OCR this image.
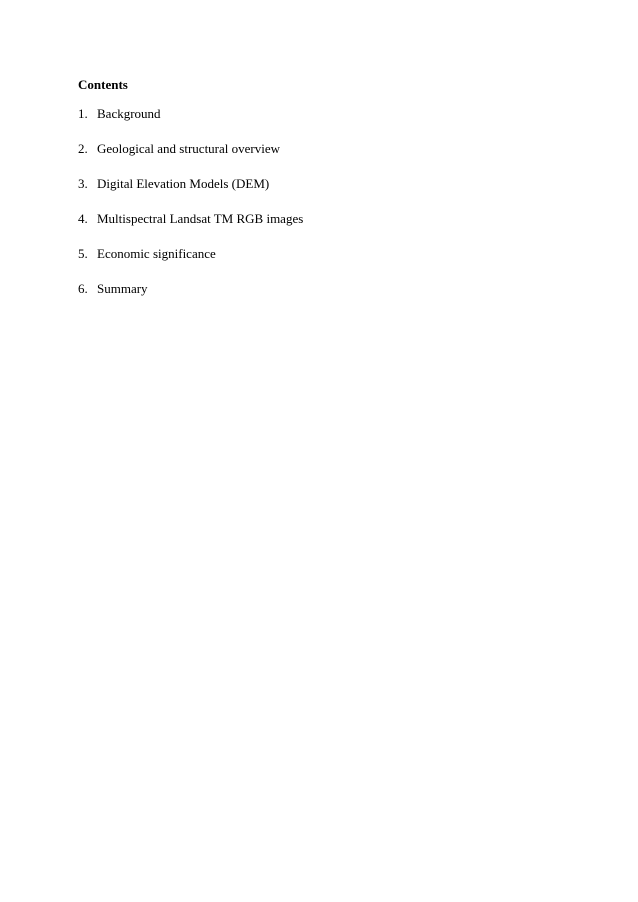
Contents

1. Background
2. Geological and structural overview
3. Digital Elevation Models (DEM)
4. Multispectral Landsat TM RGB images
5. Economic significance
6. Summary
